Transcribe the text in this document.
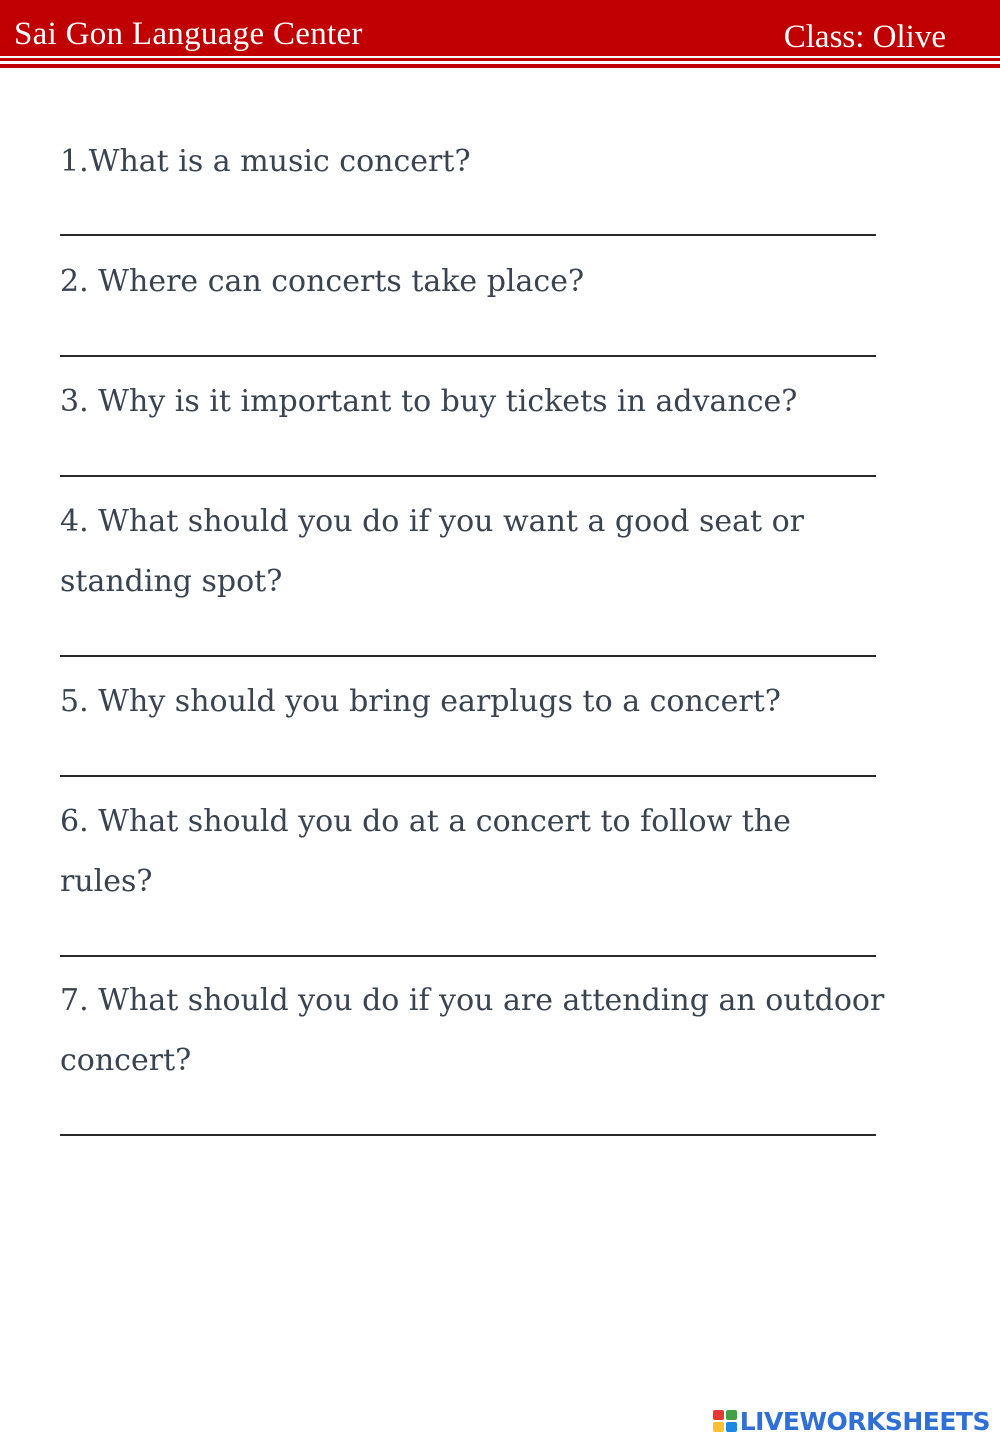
Sai Gon Language Center	Class: Olive
1.What is a music concert?
2. Where can concerts take place?
3. Why is it important to buy tickets in advance?
4. What should you do if you want a good seat or standing spot?
5. Why should you bring earplugs to a concert?
6. What should you do at a concert to follow the rules?
7. What should you do if you are attending an outdoor concert?
LIVEWORKSHEETS
